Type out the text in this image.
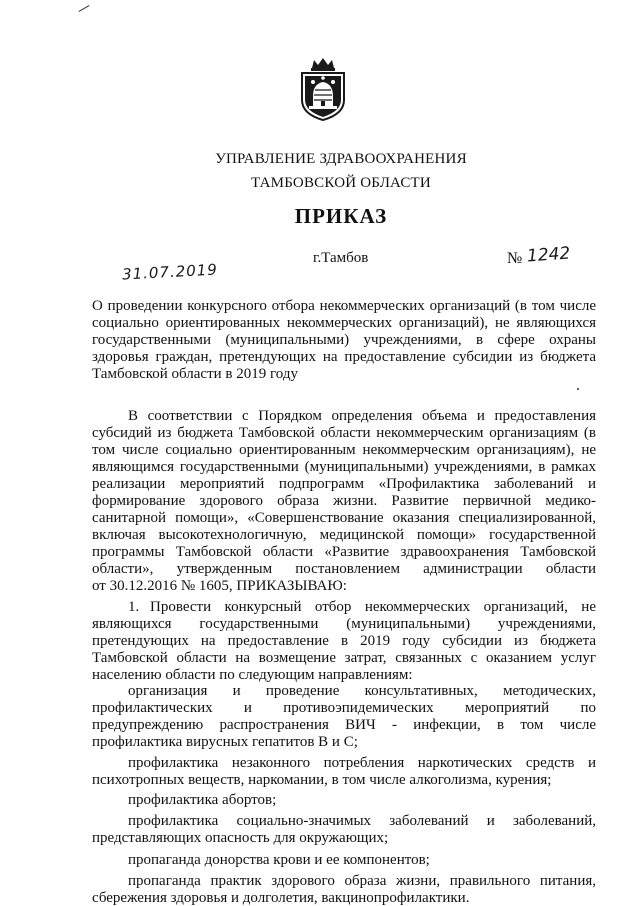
УПРАВЛЕНИЕ ЗДРАВООХРАНЕНИЯ
ТАМБОВСКОЙ ОБЛАСТИ
ПРИКАЗ
31.07.2019
г.Тамбов	№ 1242
О проведении конкурсного отбора некоммерческих организаций (в том числе
социально ориентированных некоммерческих организаций), не являющихся
государственными (муниципальными) учреждениями, в сфере охраны
здоровья граждан, претендующих на предоставление субсидии из бюджета
Тамбовской области в 2019 году
В соответствии с Порядком определения объема и предоставления
субсидий из бюджета Тамбовской области некоммерческим организациям (в
том числе социально ориентированным некоммерческим организациям), не
являющимся государственными (муниципальными) учреждениями, в рамках
реализации мероприятий подпрограмм «Профилактика заболеваний и
формирование здорового образа жизни. Развитие первичной медико-
санитарной помощи», «Совершенствование оказания специализированной,
включая высокотехнологичную, медицинской помощи» государственной
программы Тамбовской области «Развитие здравоохранения Тамбовской
области», утвержденным постановлением администрации области
от 30.12.2016 № 1605, ПРИКАЗЫВАЮ:
1. Провести конкурсный отбор некоммерческих организаций, не
являющихся государственными (муниципальными) учреждениями,
претендующих на предоставление в 2019 году субсидии из бюджета
Тамбовской области на возмещение затрат, связанных с оказанием услуг
населению области по следующим направлениям:
организация и проведение консультативных, методических,
профилактических и противоэпидемических мероприятий по
предупреждению распространения ВИЧ - инфекции, в том числе
профилактика вирусных гепатитов В и С;
профилактика незаконного потребления наркотических средств и
психотропных веществ, наркомании, в том числе алкоголизма, курения;
профилактика абортов;
профилактика социально-значимых заболеваний и заболеваний,
представляющих опасность для окружающих;
пропаганда донорства крови и ее компонентов;
пропаганда практик здорового образа жизни, правильного питания,
сбережения здоровья и долголетия, вакцинопрофилактики.
